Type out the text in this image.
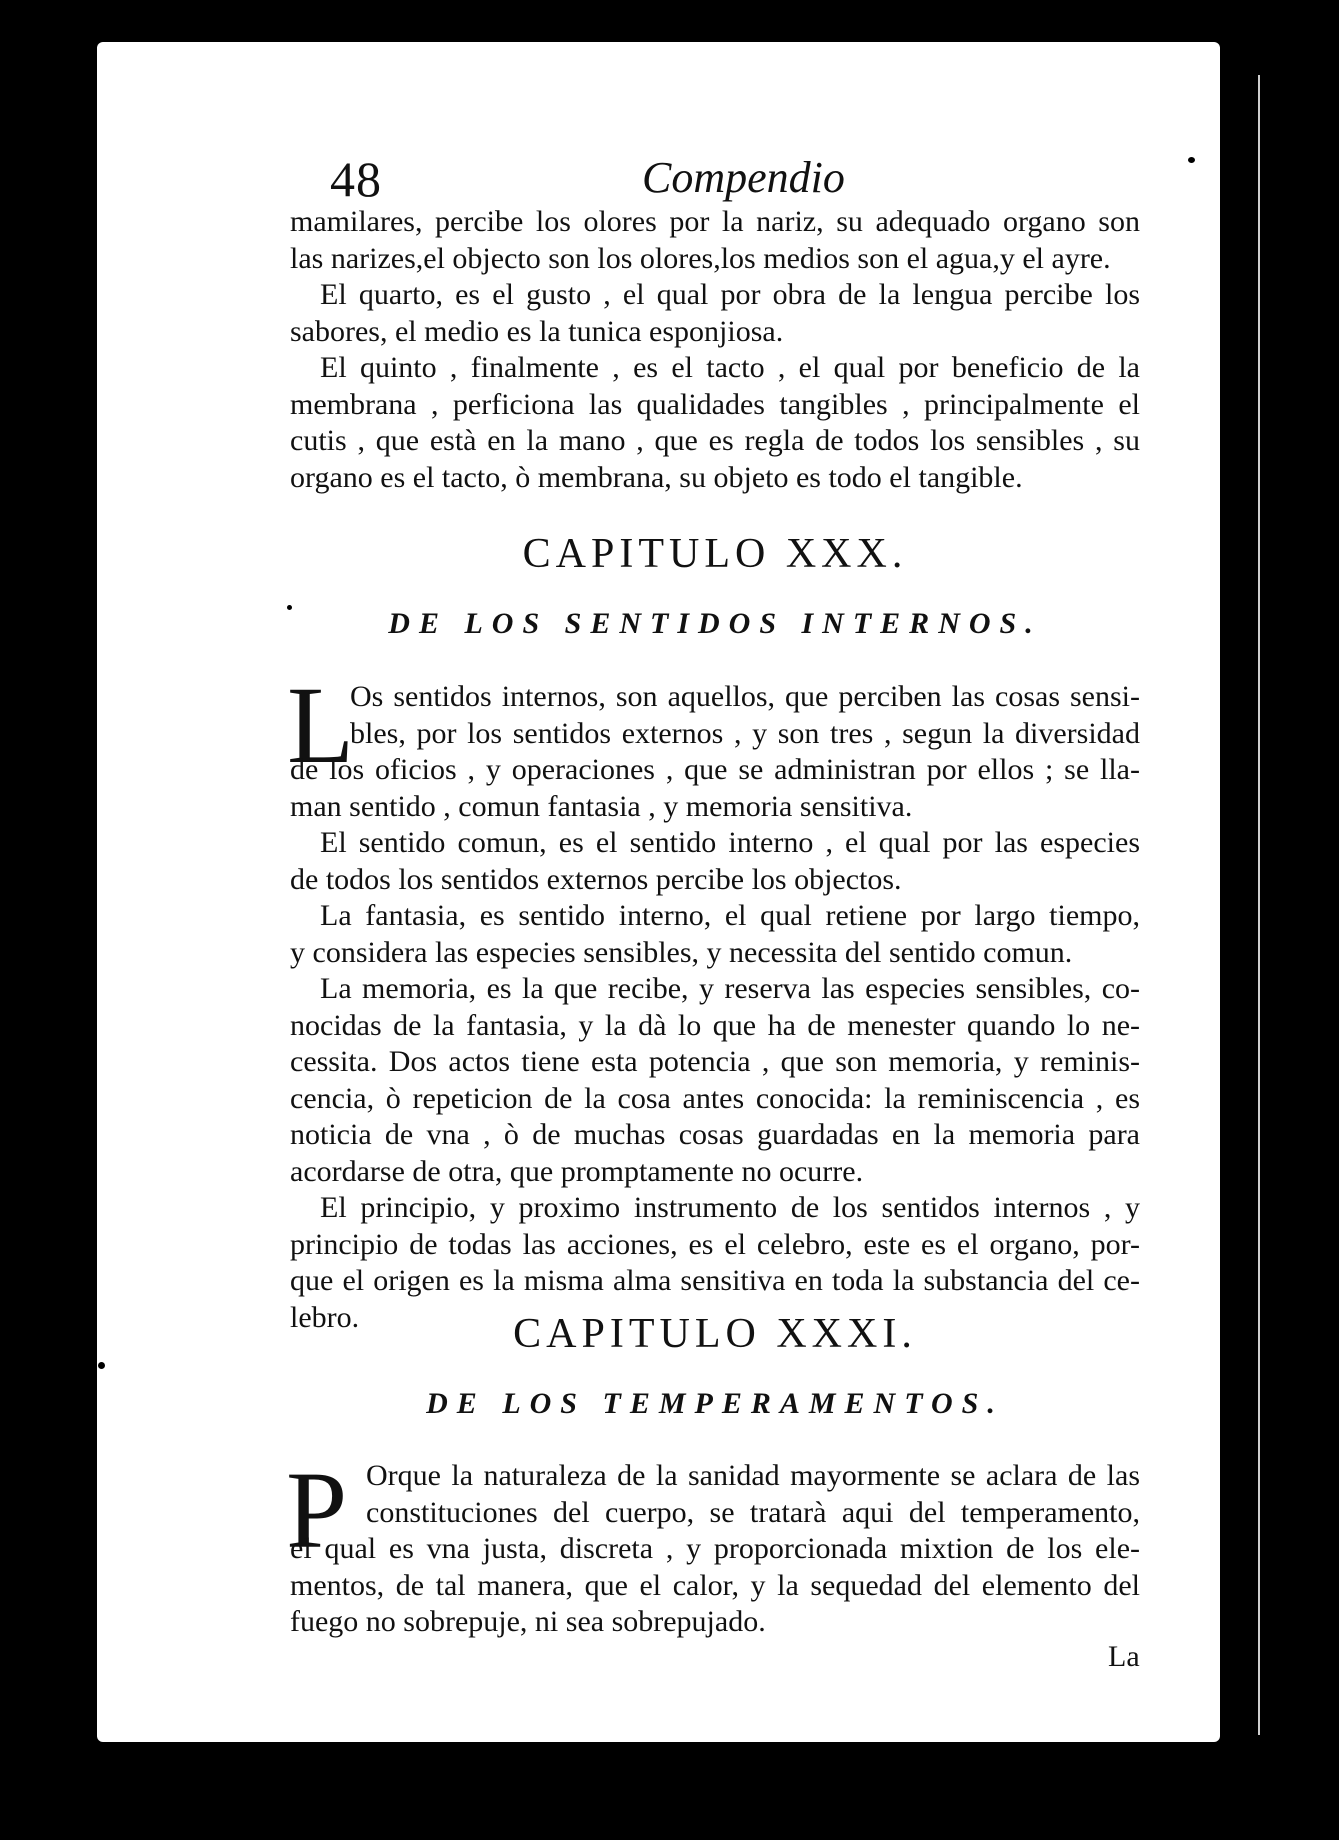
48	Compendio
mamilares, percibe los olores por la nariz, su adequado organo son
las narizes,el objecto son los olores,los medios son el agua,y el ayre.
El quarto, es el gusto , el qual por obra de la lengua percibe los
sabores, el medio es la tunica esponjiosa.
El quinto , finalmente , es el tacto , el qual por beneficio de la
membrana , perficiona las qualidades tangibles , principalmente el
cutis , que està en la mano , que es regla de todos los sensibles , su
organo es el tacto, ò membrana, su objeto es todo el tangible.
CAPITULO XXX.
DE LOS SENTIDOS INTERNOS.
L
Os sentidos internos, son aquellos, que perciben las cosas sensi-
bles, por los sentidos externos , y son tres , segun la diversidad
de los oficios , y operaciones , que se administran por ellos ; se lla-
man sentido , comun fantasia , y memoria sensitiva.
El sentido comun, es el sentido interno , el qual por las especies
de todos los sentidos externos percibe los objectos.
La fantasia, es sentido interno, el qual retiene por largo tiempo,
y considera las especies sensibles, y necessita del sentido comun.
La memoria, es la que recibe, y reserva las especies sensibles, co-
nocidas de la fantasia, y la dà lo que ha de menester quando lo ne-
cessita. Dos actos tiene esta potencia , que son memoria, y reminis-
cencia, ò repeticion de la cosa antes conocida: la reminiscencia , es
noticia de vna , ò de muchas cosas guardadas en la memoria para
acordarse de otra, que promptamente no ocurre.
El principio, y proximo instrumento de los sentidos internos , y
principio de todas las acciones, es el celebro, este es el organo, por-
que el origen es la misma alma sensitiva en toda la substancia del ce-
lebro.	CAPITULO XXXI.
DE LOS TEMPERAMENTOS.
P Orque la naturaleza de la sanidad mayormente se aclara de las
constituciones del cuerpo, se tratarà aqui del temperamento,
el qual es vna justa, discreta , y proporcionada mixtion de los ele-
mentos, de tal manera, que el calor, y la sequedad del elemento del
fuego no sobrepuje, ni sea sobrepujado.
La
